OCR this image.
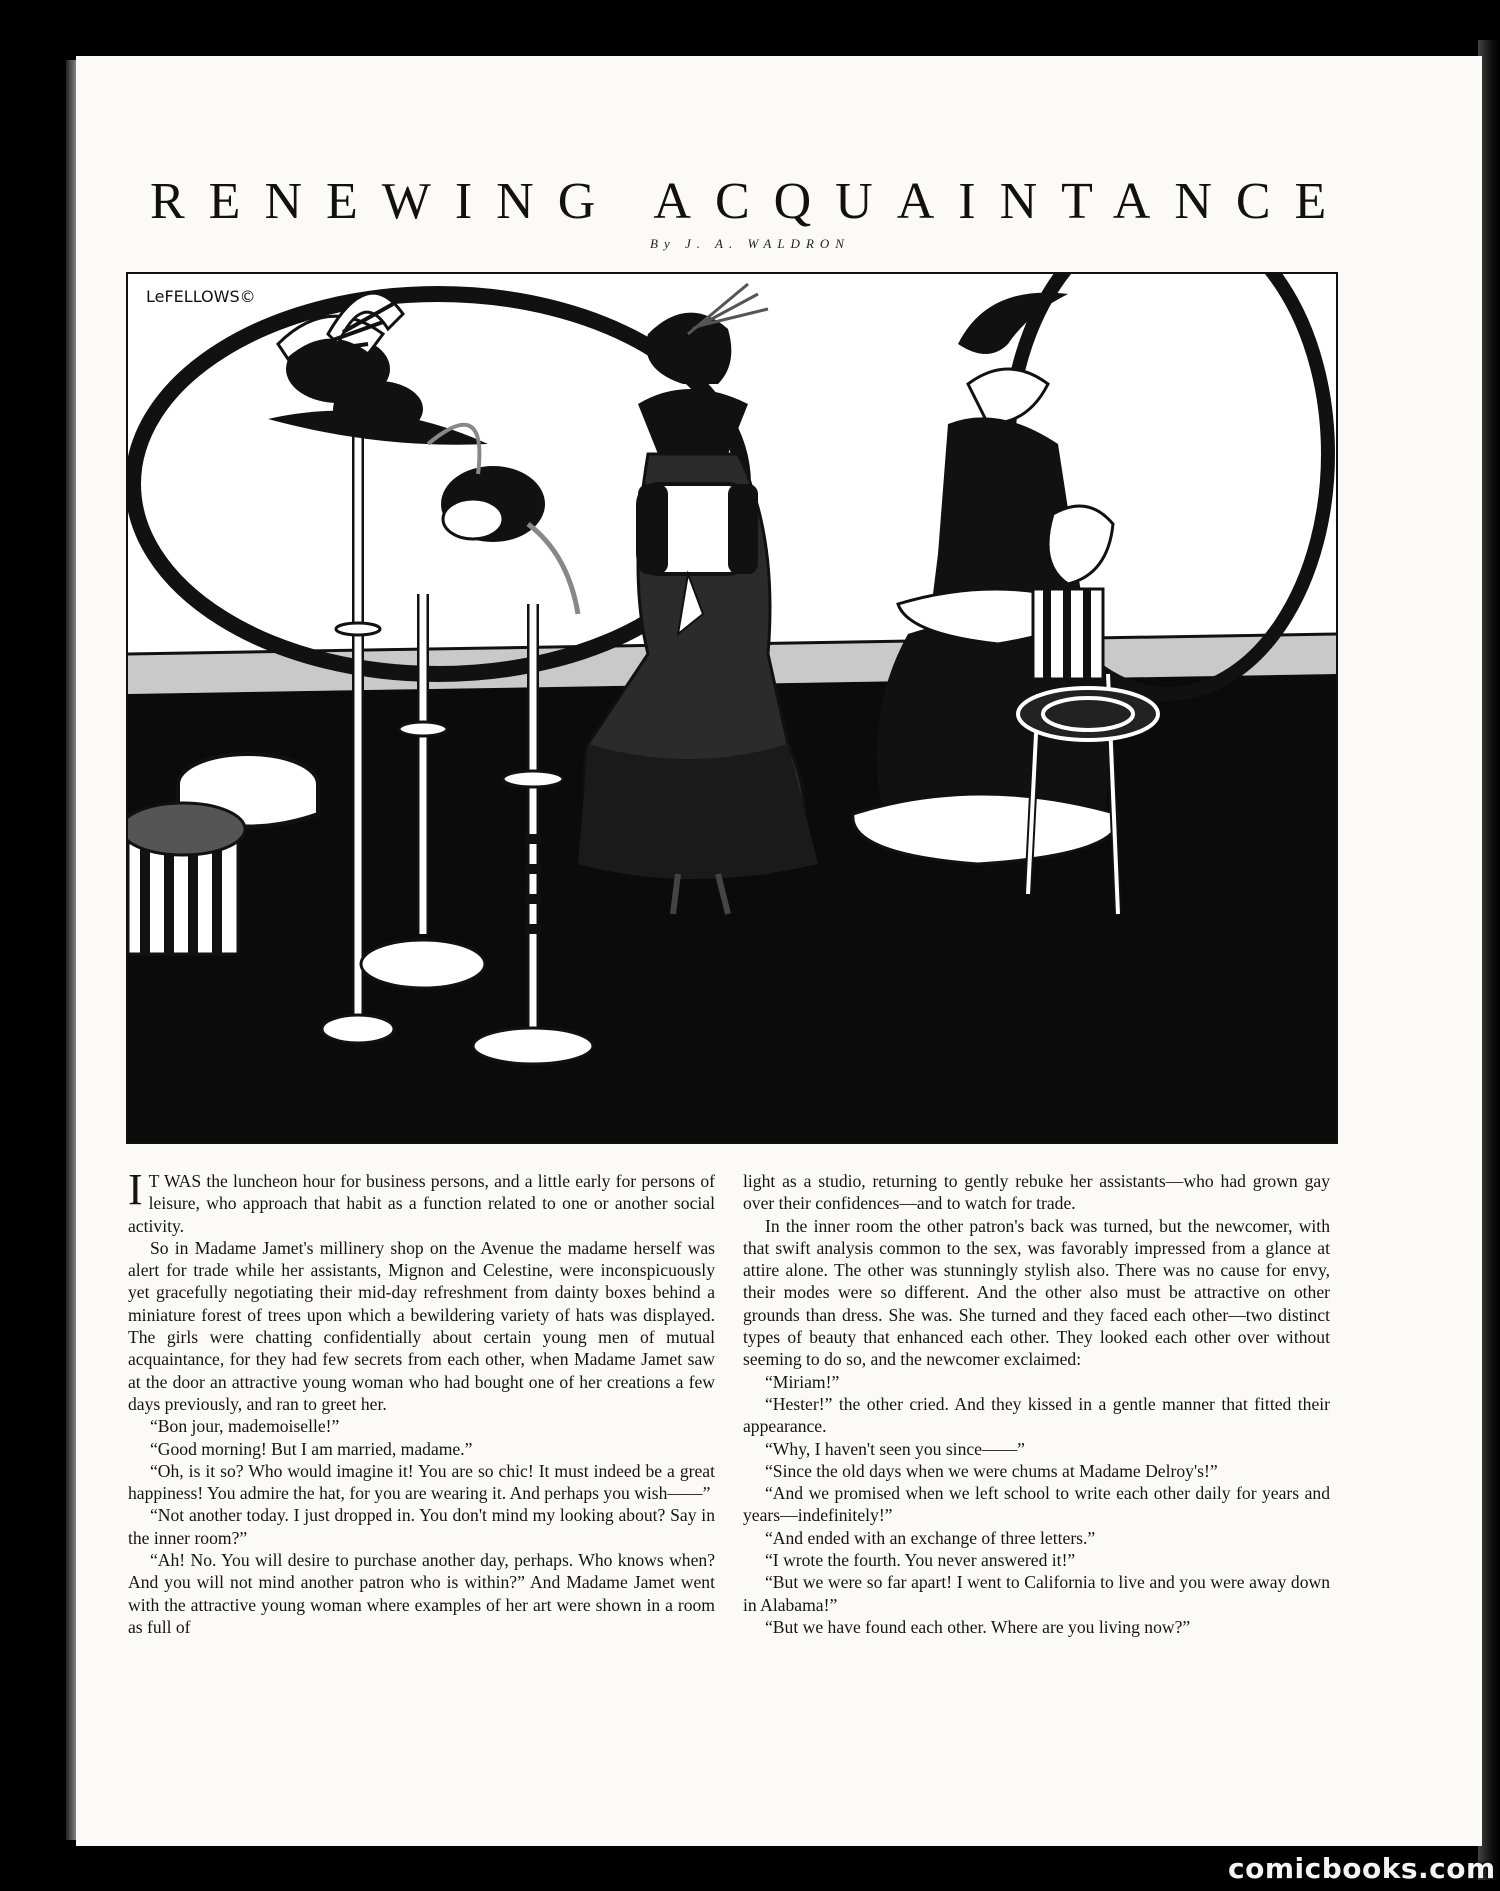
RENEWING ACQUAINTANCE
By J. A. WALDRON
LeFELLOWS©

I T WAS the luncheon hour for business persons, and a little early for persons of leisure, who approach that habit as a function related to one or another social activity.

So in Madame Jamet's millinery shop on the Avenue the madame herself was alert for trade while her assistants, Mignon and Celestine, were inconspicuously yet gracefully negotiating their mid-day refreshment from dainty boxes behind a miniature forest of trees upon which a bewildering variety of hats was displayed. The girls were chatting confidentially about certain young men of mutual acquaintance, for they had few secrets from each other, when Madame Jamet saw at the door an attractive young woman who had bought one of her creations a few days previously, and ran to greet her.

“Bon jour, mademoiselle!”

“Good morning! But I am married, madame.”

“Oh, is it so? Who would imagine it! You are so chic! It must indeed be a great happiness! You admire the hat, for you are wearing it. And perhaps you wish——”

“Not another today. I just dropped in. You don't mind my looking about? Say in the inner room?”

“Ah! No. You will desire to purchase another day, perhaps. Who knows when? And you will not mind another patron who is within?” And Madame Jamet went with the attractive young woman where examples of her art were shown in a room as full of

light as a studio, returning to gently rebuke her assistants—who had grown gay over their confidences—and to watch for trade.

In the inner room the other patron's back was turned, but the newcomer, with that swift analysis common to the sex, was favorably impressed from a glance at attire alone. The other was stunningly stylish also. There was no cause for envy, their modes were so different. And the other also must be attractive on other grounds than dress. She was. She turned and they faced each other—two distinct types of beauty that enhanced each other. They looked each other over without seeming to do so, and the newcomer exclaimed:

“Miriam!”

“Hester!” the other cried. And they kissed in a gentle manner that fitted their appearance.

“Why, I haven't seen you since——”

“Since the old days when we were chums at Madame Delroy's!”

“And we promised when we left school to write each other daily for years and years—indefinitely!”

“And ended with an exchange of three letters.”

“I wrote the fourth. You never answered it!”

“But we were so far apart! I went to California to live and you were away down in Alabama!”

“But we have found each other. Where are you living now?”

comicbooks.com
